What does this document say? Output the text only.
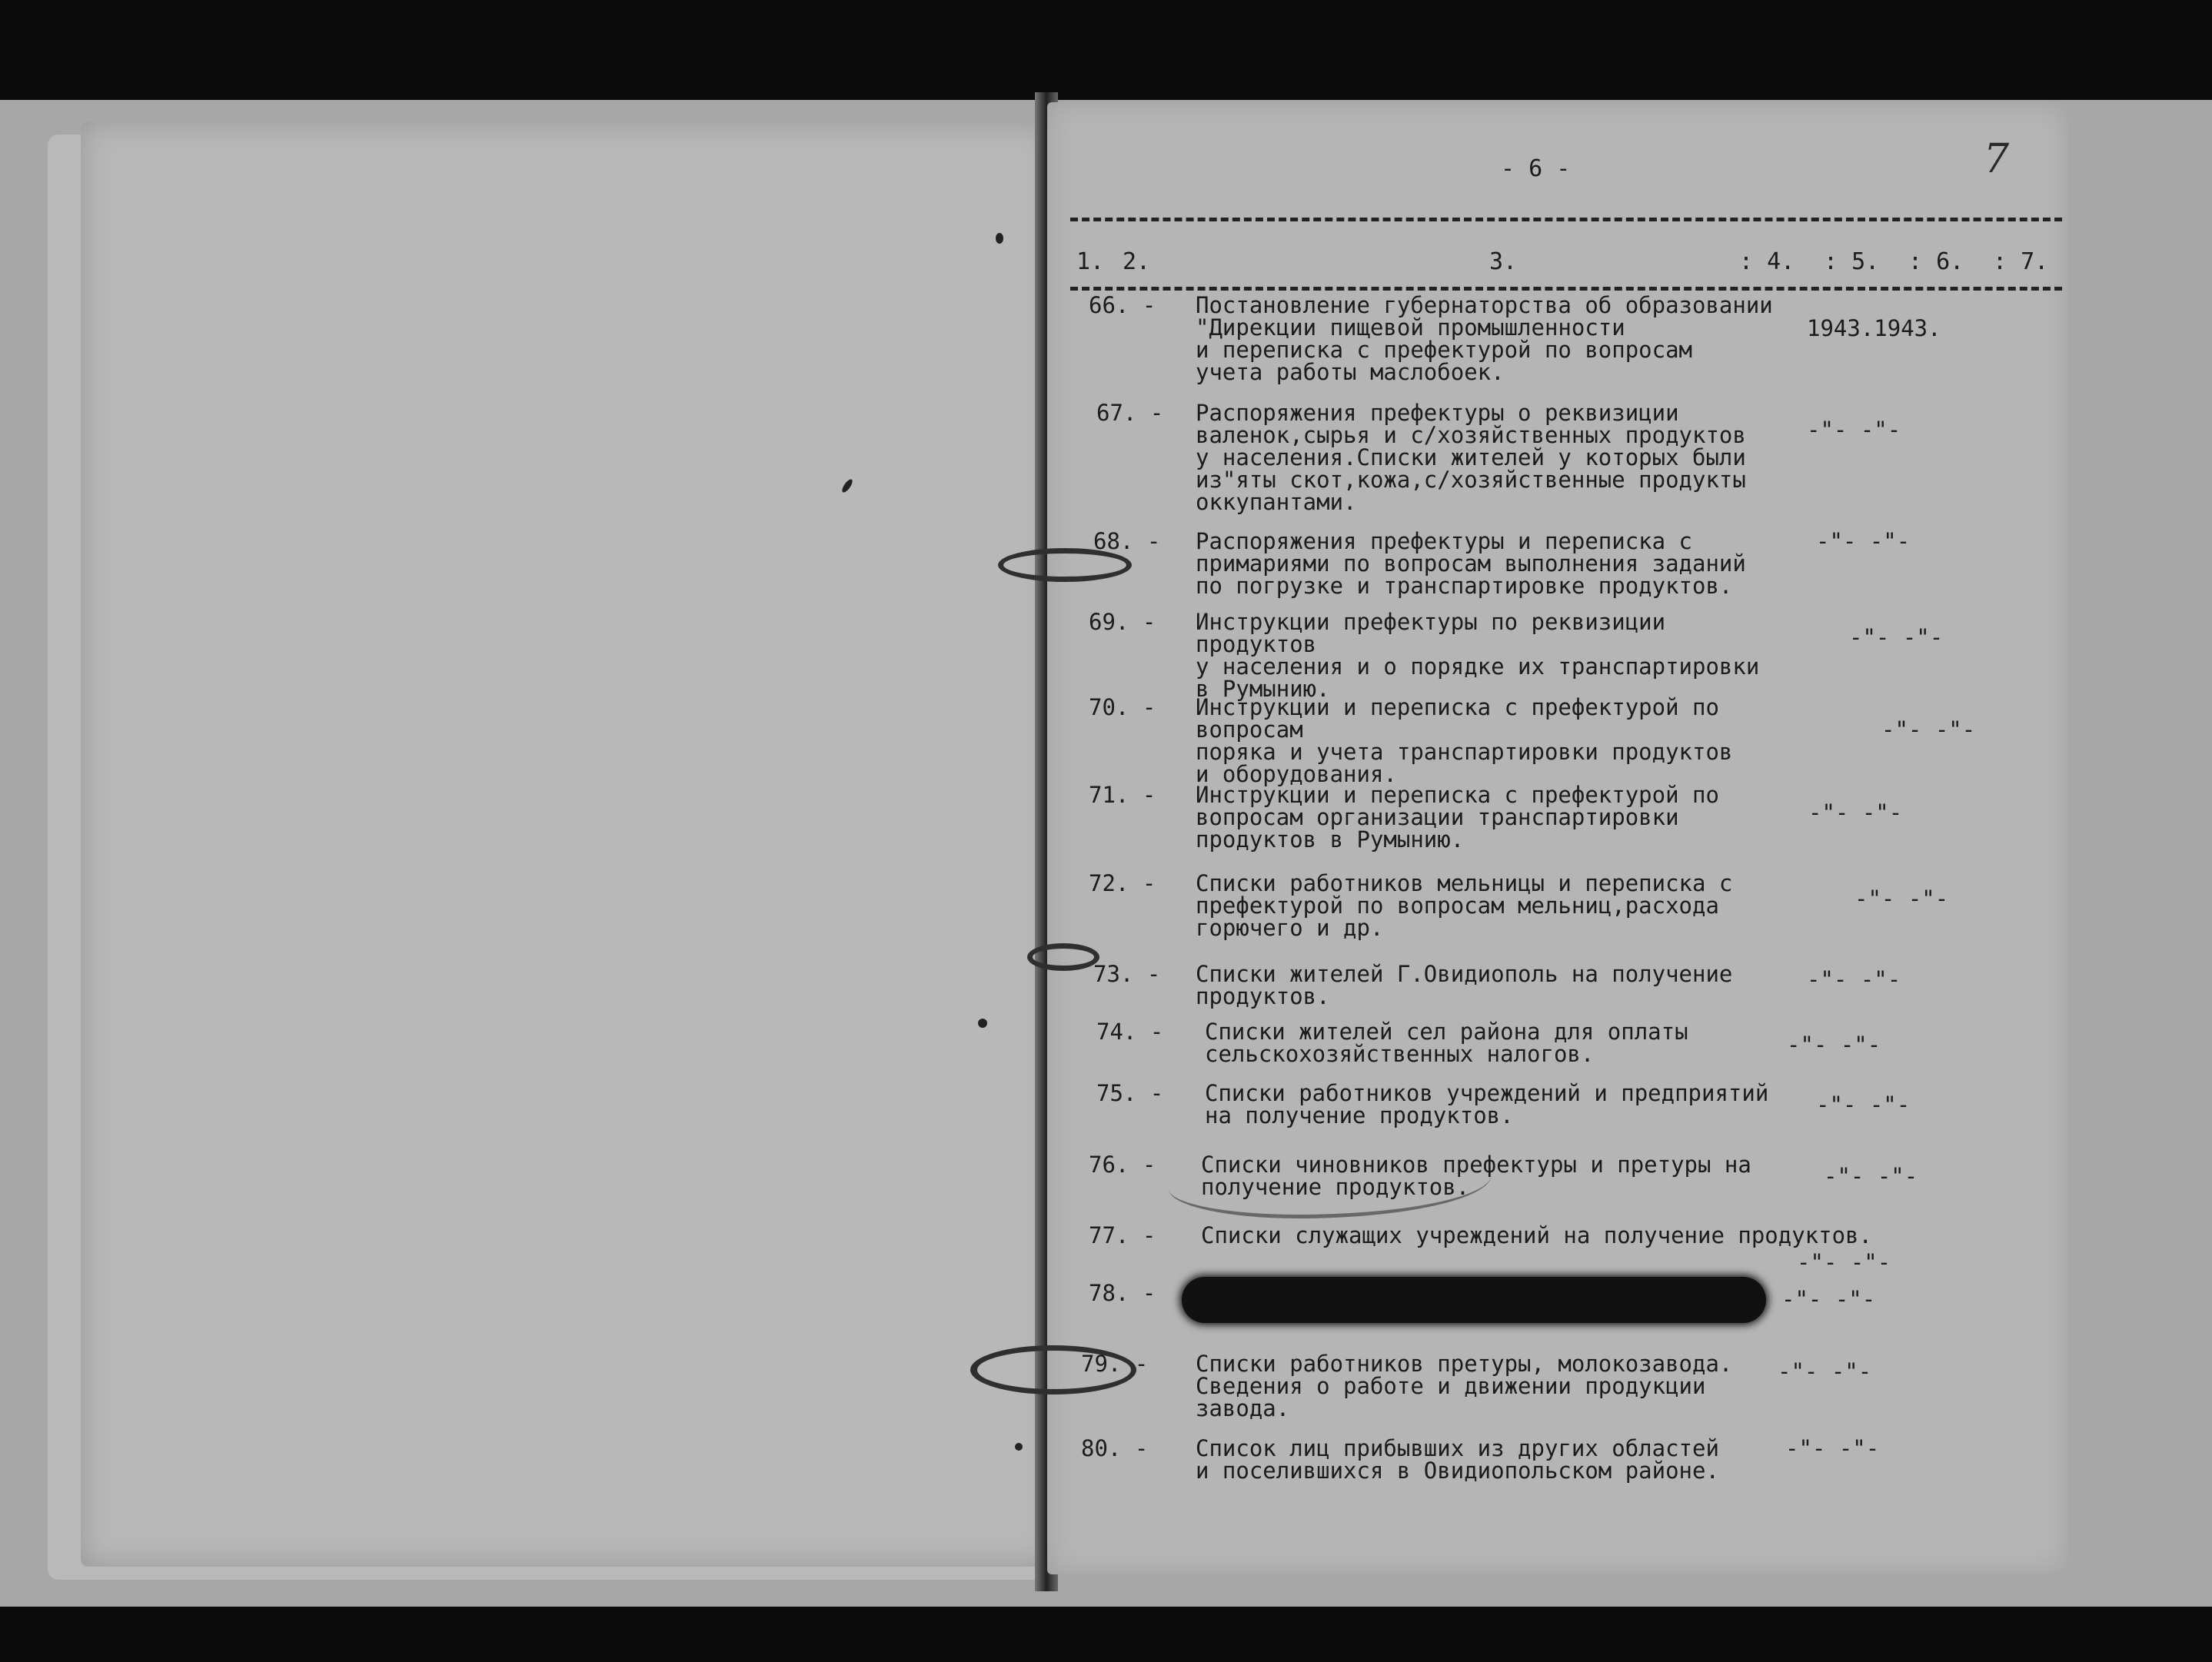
- 6 -	7
1. 2.	3.	: 4. : 5. : 6. : 7.
66. -	Постановление губернаторства об образовании "Дирекции пищевой промышленности
и переписка с префектурой по вопросам
учета работы маслобоек.
1943.1943.
67. -	Распоряжения префектуры о реквизиции
валенок,сырья и с/хозяйственных продуктов
у населения.Списки жителей у которых были
из"яты скот,кожа,с/хозяйственные продукты
оккупантами.
-"- -"-
68. -	Распоряжения префектуры и переписка с примариями по вопросам выполнения заданий
по погрузке и транспартировке продуктов.
-"- -"-
69. -	Инструкции префектуры по реквизиции продуктов
у населения и о порядке их транспартировки
в Румынию.
-"- -"-
70. -	Инструкции и переписка с префектурой по вопросам
поряка и учета транспартировки продуктов
и оборудования.
-"- -"-
71. -	Инструкции и переписка с префектурой по
вопросам организации транспартировки
продуктов в Румынию.
-"- -"-
72. -	Списки работников мельницы и переписка с
префектурой по вопросам мельниц,расхода
горючего и др.
-"- -"-
73. -	Списки жителей Г.Овидиополь на получение
продуктов.
-"- -"-
74. -	Списки жителей сел района для оплаты
сельскохозяйственных налогов.	-"- -"-
75. -	Списки работников учреждений и предприятий
на получение продуктов.	-"- -"-
76. -	Списки чиновников префектуры и претуры на
получение продуктов.	-"- -"-
77. -	Списки служащих учреждений на получение продуктов.
-"- -"-
78. -	-"- -"-
79. -	Списки работников претуры, молокозавода.
Сведения о работе и движении продукции
завода.
-"- -"-
80. -	Список лиц прибывших из других областей
и поселившихся в Овидиопольском районе.
-"- -"-
